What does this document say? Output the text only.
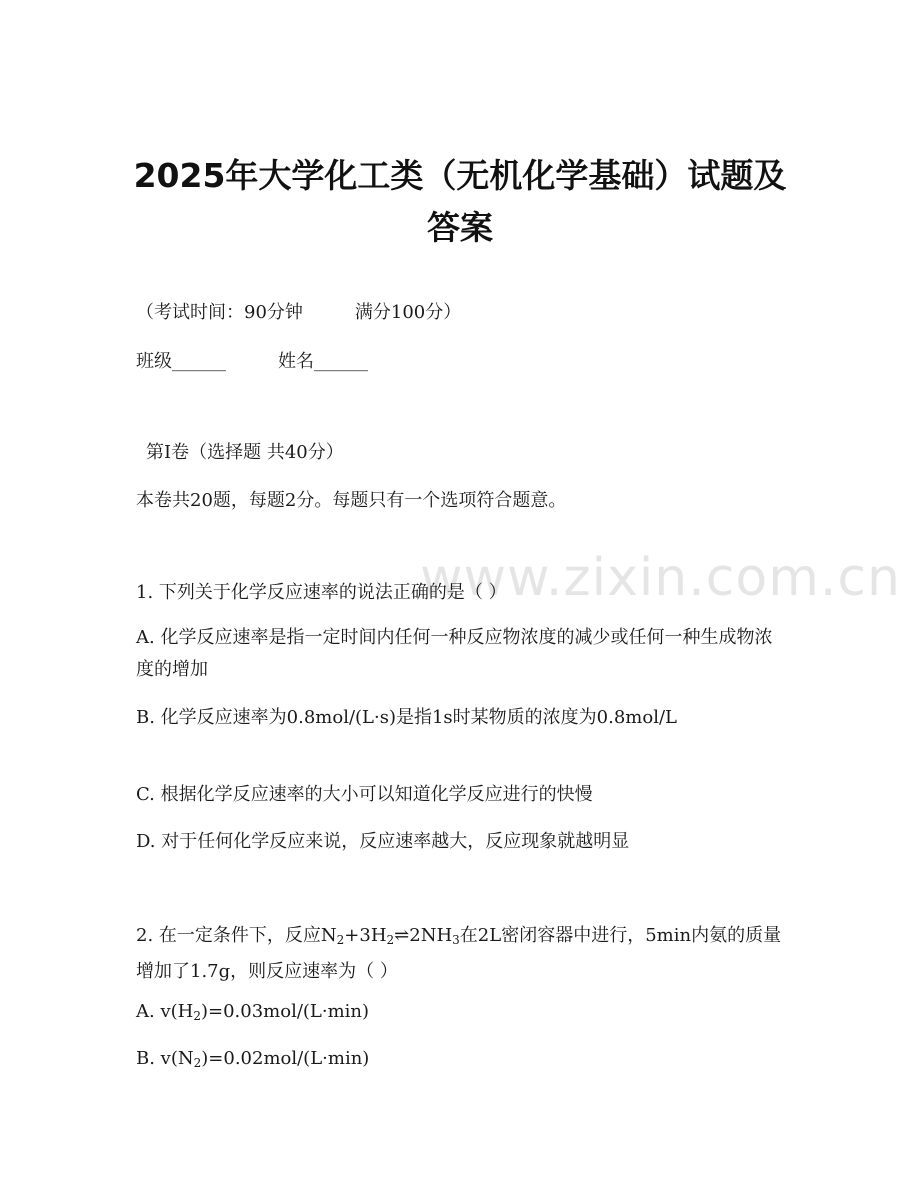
www.zixin.com.cn
2025年大学化工类（无机化学基础）试题及
答案
（考试时间：90分钟	满分100分）
班级______	姓名______
第Ⅰ卷（选择题 共40分）
本卷共20题，每题2分。每题只有一个选项符合题意。
1. 下列关于化学反应速率的说法正确的是（ ）
A. 化学反应速率是指一定时间内任何一种反应物浓度的减少或任何一种生成物浓度的增加
B. 化学反应速率为0.8mol/(L·s)是指1s时某物质的浓度为0.8mol/L
C. 根据化学反应速率的大小可以知道化学反应进行的快慢
D. 对于任何化学反应来说，反应速率越大，反应现象就越明显
2. 在一定条件下，反应$N_2+3H_2\rightleftharpoons 2NH_3$在2L密闭容器中进行，5min内氨的质量增加了1.7g，则反应速率为（ ）
A. $v(H_2)=0.03mol/(L\cdot\min)$
B. $v(N_2)=0.02mol/(L\cdot\min)$
